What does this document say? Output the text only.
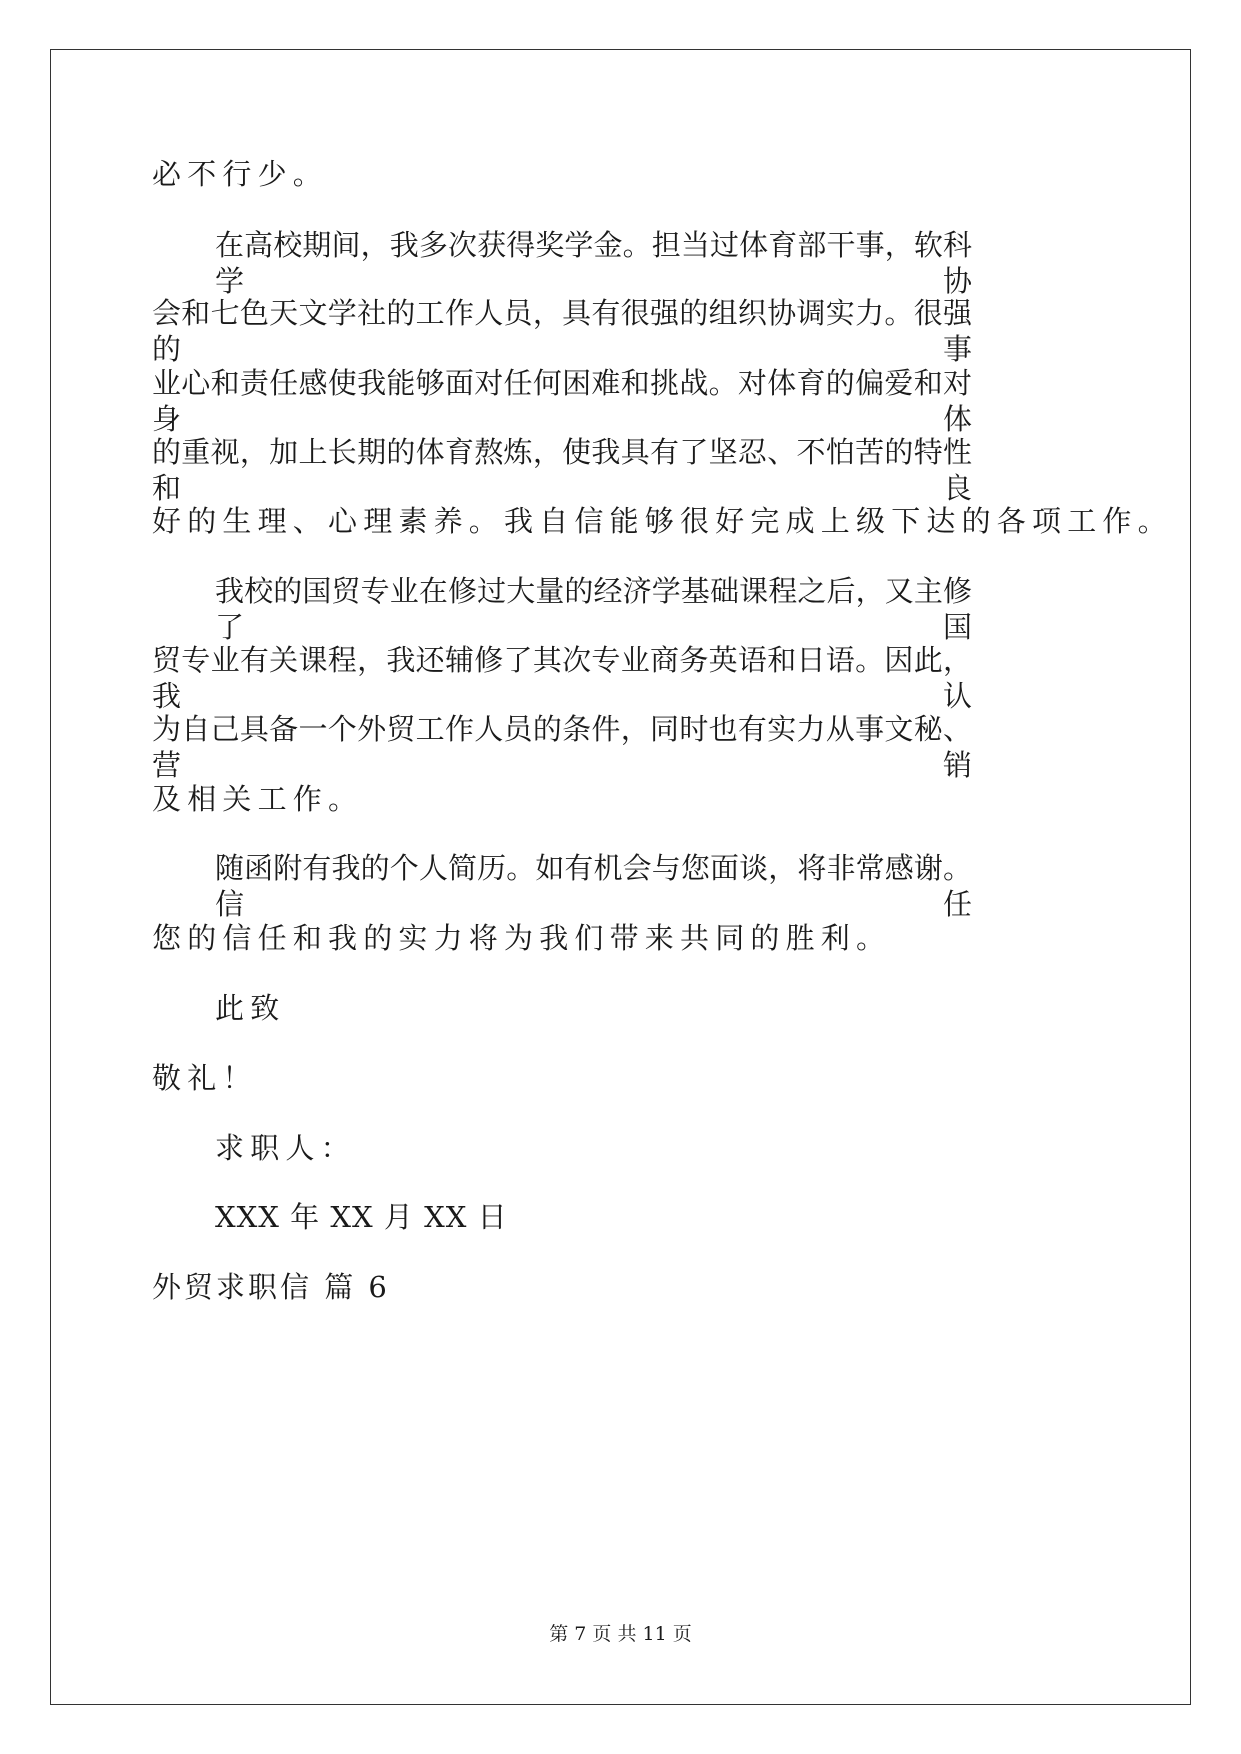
必不行少。
在高校期间，我多次获得奖学金。担当过体育部干事，软科学协
会和七色天文学社的工作人员，具有很强的组织协调实力。很强的事
业心和责任感使我能够面对任何困难和挑战。对体育的偏爱和对身体
的重视，加上长期的体育熬炼，使我具有了坚忍、不怕苦的特性和良
好的生理、心理素养。我自信能够很好完成上级下达的各项工作。
我校的国贸专业在修过大量的经济学基础课程之后，又主修了国
贸专业有关课程，我还辅修了其次专业商务英语和日语。因此，我认
为自己具备一个外贸工作人员的条件，同时也有实力从事文秘、营销
及相关工作。
随函附有我的个人简历。如有机会与您面谈，将非常感谢。信任
您的信任和我的实力将为我们带来共同的胜利。
此致
敬礼！
求职人：
XXX 年 XX 月 XX 日
外贸求职信 篇 6
第 7 页 共 11 页
